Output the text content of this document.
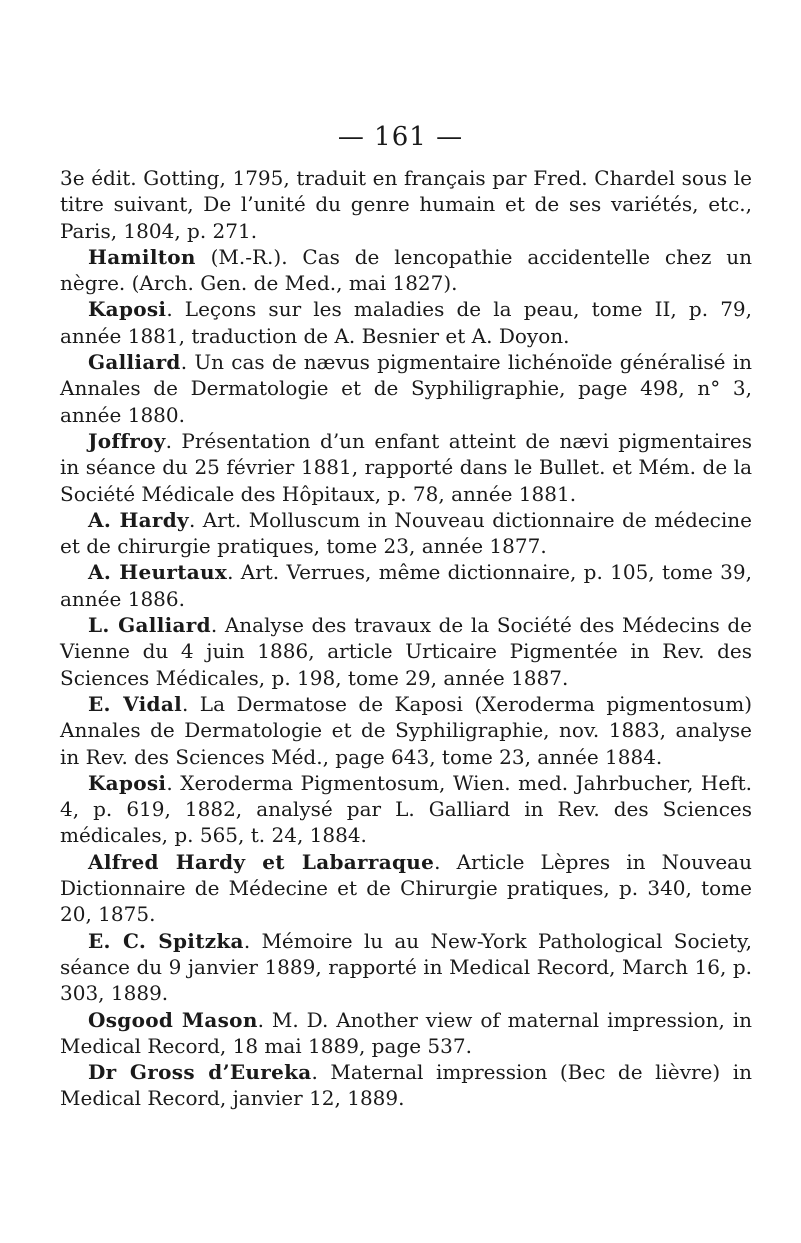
— 161 —

3e édit. Gotting, 1795, traduit en français par Fred. Chardel sous le titre suivant, De l’unité du genre humain et de ses variétés, etc., Paris, 1804, p. 271.

Hamilton (M.-R.). Cas de lencopathie accidentelle chez un nègre. (Arch. Gen. de Med., mai 1827).

Kaposi. Leçons sur les maladies de la peau, tome II, p. 79, année 1881, traduction de A. Besnier et A. Doyon.

Galliard. Un cas de nævus pigmentaire lichénoïde généralisé in Annales de Dermatologie et de Syphiligraphie, page 498, n° 3, année 1880.

Joffroy. Présentation d’un enfant atteint de nævi pigmentaires in séance du 25 février 1881, rapporté dans le Bullet. et Mém. de la Société Médicale des Hôpitaux, p. 78, année 1881.

A. Hardy. Art. Molluscum in Nouveau dictionnaire de médecine et de chirurgie pratiques, tome 23, année 1877.

A. Heurtaux. Art. Verrues, même dictionnaire, p. 105, tome 39, année 1886.

L. Galliard. Analyse des travaux de la Société des Médecins de Vienne du 4 juin 1886, article Urticaire Pigmentée in Rev. des Sciences Médicales, p. 198, tome 29, année 1887.

E. Vidal. La Dermatose de Kaposi (Xeroderma pigmentosum) Annales de Dermatologie et de Syphiligraphie, nov. 1883, analyse in Rev. des Sciences Méd., page 643, tome 23, année 1884.

Kaposi. Xeroderma Pigmentosum, Wien. med. Jahrbucher, Heft. 4, p. 619, 1882, analysé par L. Galliard in Rev. des Sciences médicales, p. 565, t. 24, 1884.

Alfred Hardy et Labarraque. Article Lèpres in Nouveau Dictionnaire de Médecine et de Chirurgie pratiques, p. 340, tome 20, 1875.

E. C. Spitzka. Mémoire lu au New-York Pathological Society, séance du 9 janvier 1889, rapporté in Medical Record, March 16, p. 303, 1889.

Osgood Mason. M. D. Another view of maternal impression, in Medical Record, 18 mai 1889, page 537.

Dr Gross d’Eureka. Maternal impression (Bec de lièvre) in Medical Record, janvier 12, 1889.
